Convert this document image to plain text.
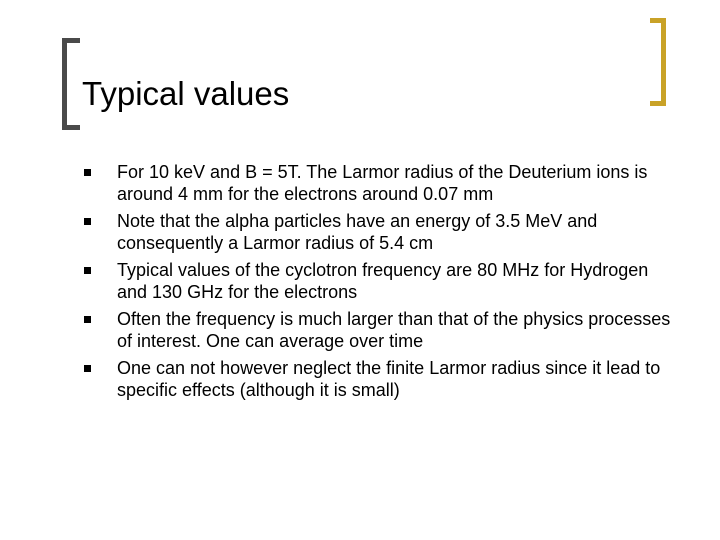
Typical values
For 10 keV and B = 5T. The Larmor radius of the Deuterium ions is around 4 mm for the electrons around 0.07 mm
Note that the alpha particles have an energy of 3.5 MeV and consequently a Larmor radius of 5.4 cm
Typical values of the cyclotron frequency are 80 MHz for Hydrogen and 130 GHz for the electrons
Often the frequency is much larger than that of the physics processes of interest. One can average over time
One can not however neglect the finite Larmor radius since it lead to specific effects (although it is small)
